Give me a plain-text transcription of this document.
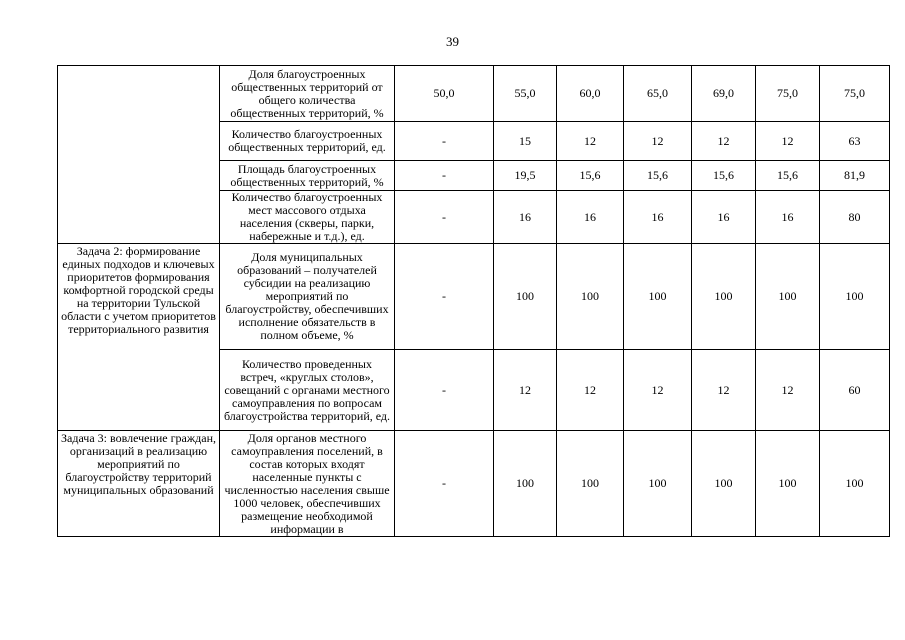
39
	Доля благоустроенных общественных территорий от общего количества общественных территорий, %	50,0	55,0	60,0	65,0	69,0	75,0	75,0
	Количество благоустроенных общественных территорий, ед.	-	15	12	12	12	12	63
	Площадь благоустроенных общественных территорий, %	-	19,5	15,6	15,6	15,6	15,6	81,9
	Количество благоустроенных мест массового отдыха населения (скверы, парки, набережные и т.д.), ед.	-	16	16	16	16	16	80
Задача 2: формирование единых подходов и ключевых приоритетов формирования комфортной городской среды на территории Тульской области с учетом приоритетов территориального развития	Доля муниципальных образований – получателей субсидии на реализацию мероприятий по благоустройству, обеспечивших исполнение обязательств в полном объеме, %	-	100	100	100	100	100	100
	Количество проведенных встреч, «круглых столов», совещаний с органами местного самоуправления по вопросам благоустройства территорий, ед.	-	12	12	12	12	12	60
Задача 3: вовлечение граждан, организаций в реализацию мероприятий по благоустройству территорий муниципальных образований	Доля органов местного самоуправления поселений, в состав которых входят населенные пункты с численностью населения свыше 1000 человек, обеспечивших размещение необходимой информации в	-	100	100	100	100	100	100
